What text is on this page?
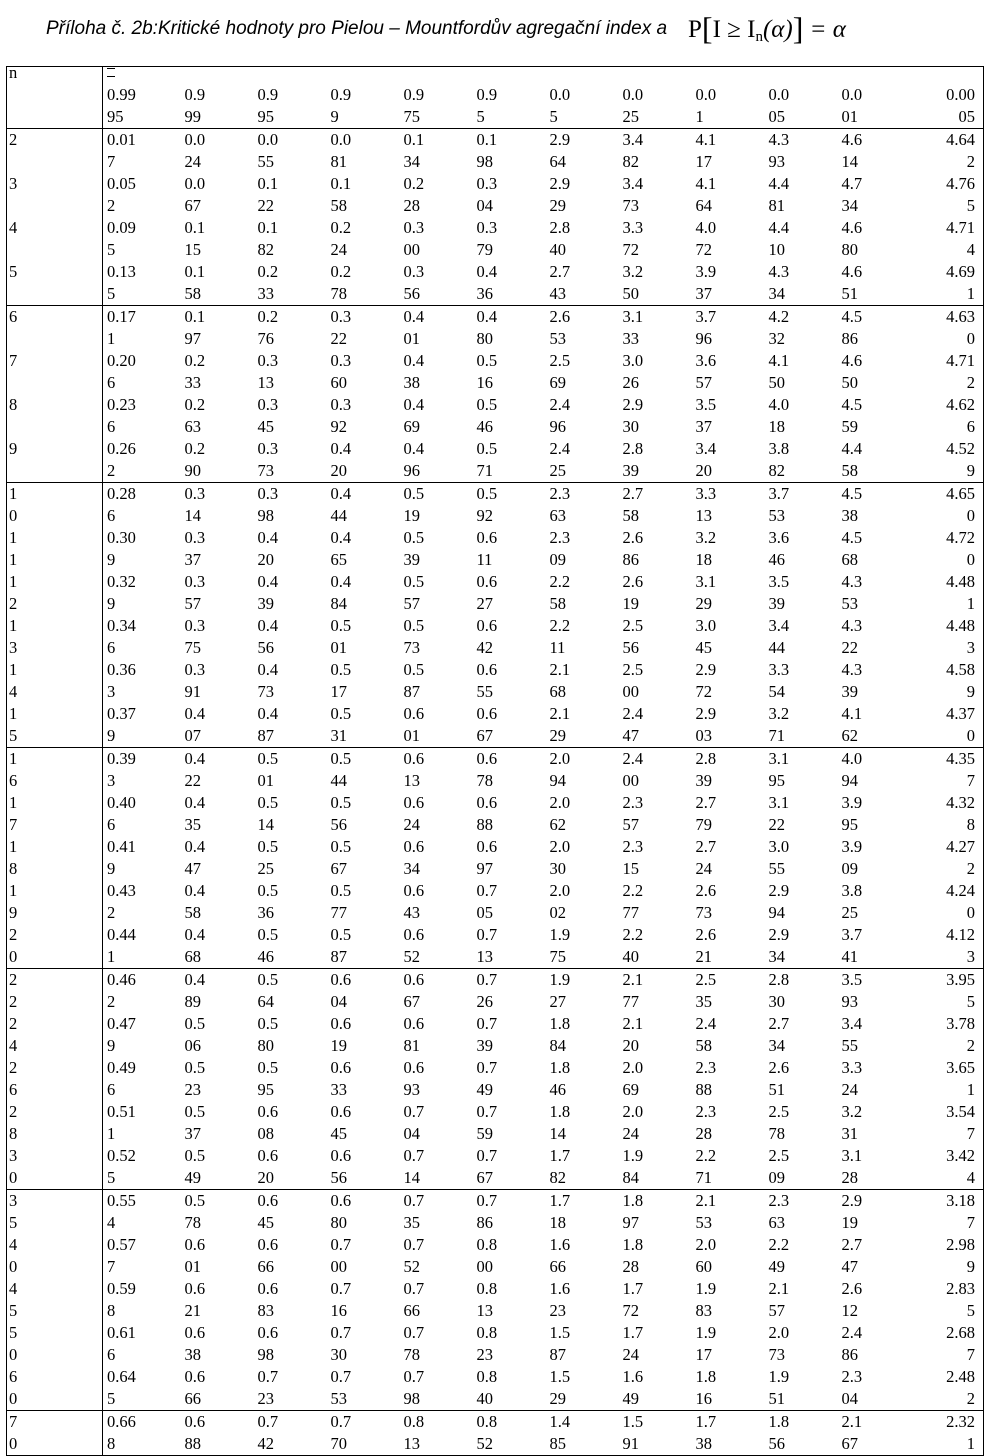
Příloha č. 2b:Kritické hodnoty pro Pielou – Mountfordův agregační index a P[I ≥ In(α)] = α

n	0.99	0.9	0.9	0.9	0.9	0.9	0.0	0.0	0.0	0.0	0.0	0.00
	95	99	95	9	75	5	5	25	1	05	01	05
2	0.01	0.0	0.0	0.0	0.1	0.1	2.9	3.4	4.1	4.3	4.6	4.64
	7	24	55	81	34	98	64	82	17	93	14	2
3	0.05	0.0	0.1	0.1	0.2	0.3	2.9	3.4	4.1	4.4	4.7	4.76
	2	67	22	58	28	04	29	73	64	81	34	5
4	0.09	0.1	0.1	0.2	0.3	0.3	2.8	3.3	4.0	4.4	4.6	4.71
	5	15	82	24	00	79	40	72	72	10	80	4
5	0.13	0.1	0.2	0.2	0.3	0.4	2.7	3.2	3.9	4.3	4.6	4.69
	5	58	33	78	56	36	43	50	37	34	51	1
6	0.17	0.1	0.2	0.3	0.4	0.4	2.6	3.1	3.7	4.2	4.5	4.63
	1	97	76	22	01	80	53	33	96	32	86	0
7	0.20	0.2	0.3	0.3	0.4	0.5	2.5	3.0	3.6	4.1	4.6	4.71
	6	33	13	60	38	16	69	26	57	50	50	2
8	0.23	0.2	0.3	0.3	0.4	0.5	2.4	2.9	3.5	4.0	4.5	4.62
	6	63	45	92	69	46	96	30	37	18	59	6
9	0.26	0.2	0.3	0.4	0.4	0.5	2.4	2.8	3.4	3.8	4.4	4.52
	2	90	73	20	96	71	25	39	20	82	58	9
1	0.28	0.3	0.3	0.4	0.5	0.5	2.3	2.7	3.3	3.7	4.5	4.65
0	6	14	98	44	19	92	63	58	13	53	38	0
1	0.30	0.3	0.4	0.4	0.5	0.6	2.3	2.6	3.2	3.6	4.5	4.72
1	9	37	20	65	39	11	09	86	18	46	68	0
1	0.32	0.3	0.4	0.4	0.5	0.6	2.2	2.6	3.1	3.5	4.3	4.48
2	9	57	39	84	57	27	58	19	29	39	53	1
1	0.34	0.3	0.4	0.5	0.5	0.6	2.2	2.5	3.0	3.4	4.3	4.48
3	6	75	56	01	73	42	11	56	45	44	22	3
1	0.36	0.3	0.4	0.5	0.5	0.6	2.1	2.5	2.9	3.3	4.3	4.58
4	3	91	73	17	87	55	68	00	72	54	39	9
1	0.37	0.4	0.4	0.5	0.6	0.6	2.1	2.4	2.9	3.2	4.1	4.37
5	9	07	87	31	01	67	29	47	03	71	62	0
1	0.39	0.4	0.5	0.5	0.6	0.6	2.0	2.4	2.8	3.1	4.0	4.35
6	3	22	01	44	13	78	94	00	39	95	94	7
1	0.40	0.4	0.5	0.5	0.6	0.6	2.0	2.3	2.7	3.1	3.9	4.32
7	6	35	14	56	24	88	62	57	79	22	95	8
1	0.41	0.4	0.5	0.5	0.6	0.6	2.0	2.3	2.7	3.0	3.9	4.27
8	9	47	25	67	34	97	30	15	24	55	09	2
1	0.43	0.4	0.5	0.5	0.6	0.7	2.0	2.2	2.6	2.9	3.8	4.24
9	2	58	36	77	43	05	02	77	73	94	25	0
2	0.44	0.4	0.5	0.5	0.6	0.7	1.9	2.2	2.6	2.9	3.7	4.12
0	1	68	46	87	52	13	75	40	21	34	41	3
2	0.46	0.4	0.5	0.6	0.6	0.7	1.9	2.1	2.5	2.8	3.5	3.95
2	2	89	64	04	67	26	27	77	35	30	93	5
2	0.47	0.5	0.5	0.6	0.6	0.7	1.8	2.1	2.4	2.7	3.4	3.78
4	9	06	80	19	81	39	84	20	58	34	55	2
2	0.49	0.5	0.5	0.6	0.6	0.7	1.8	2.0	2.3	2.6	3.3	3.65
6	6	23	95	33	93	49	46	69	88	51	24	1
2	0.51	0.5	0.6	0.6	0.7	0.7	1.8	2.0	2.3	2.5	3.2	3.54
8	1	37	08	45	04	59	14	24	28	78	31	7
3	0.52	0.5	0.6	0.6	0.7	0.7	1.7	1.9	2.2	2.5	3.1	3.42
0	5	49	20	56	14	67	82	84	71	09	28	4
3	0.55	0.5	0.6	0.6	0.7	0.7	1.7	1.8	2.1	2.3	2.9	3.18
5	4	78	45	80	35	86	18	97	53	63	19	7
4	0.57	0.6	0.6	0.7	0.7	0.8	1.6	1.8	2.0	2.2	2.7	2.98
0	7	01	66	00	52	00	66	28	60	49	47	9
4	0.59	0.6	0.6	0.7	0.7	0.8	1.6	1.7	1.9	2.1	2.6	2.83
5	8	21	83	16	66	13	23	72	83	57	12	5
5	0.61	0.6	0.6	0.7	0.7	0.8	1.5	1.7	1.9	2.0	2.4	2.68
0	6	38	98	30	78	23	87	24	17	73	86	7
6	0.64	0.6	0.7	0.7	0.7	0.8	1.5	1.6	1.8	1.9	2.3	2.48
0	5	66	23	53	98	40	29	49	16	51	04	2
7	0.66	0.6	0.7	0.7	0.8	0.8	1.4	1.5	1.7	1.8	2.1	2.32
0	8	88	42	70	13	52	85	91	38	56	67	1
